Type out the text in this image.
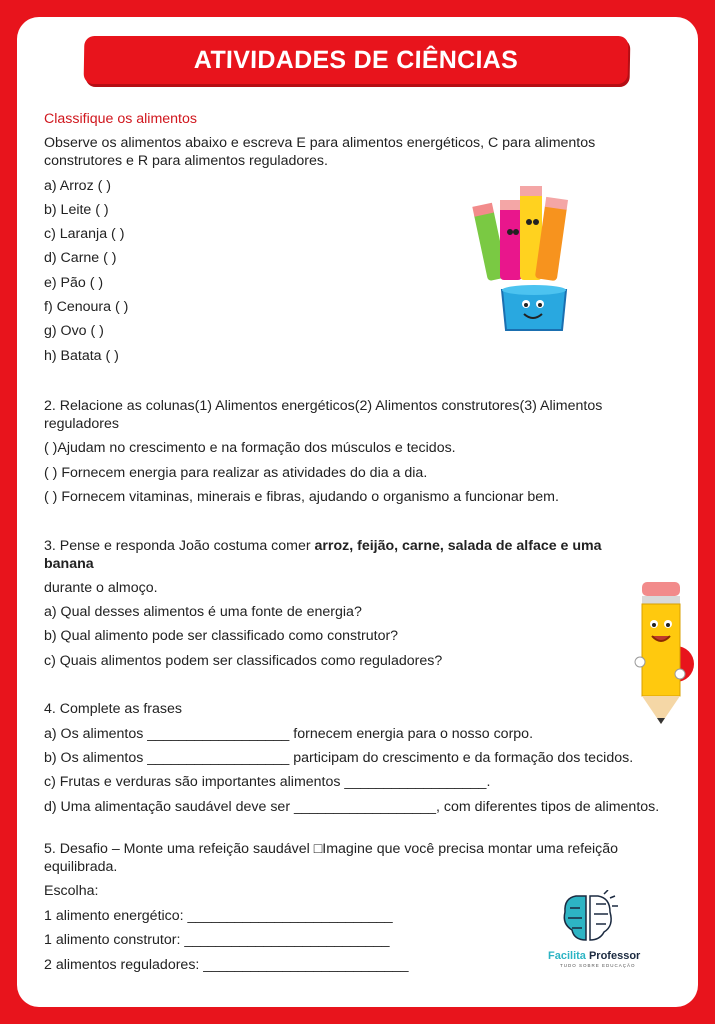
ATIVIDADES DE CIÊNCIAS
Classifique os alimentos
Observe os alimentos abaixo e escreva E para alimentos energéticos, C para alimentos construtores e R para alimentos reguladores.
a) Arroz ( )
b) Leite ( )
c) Laranja ( )
d) Carne ( )
e) Pão ( )
f) Cenoura ( )
g) Ovo ( )
h) Batata ( )
2. Relacione as colunas(1) Alimentos energéticos(2) Alimentos construtores(3) Alimentos reguladores
( )Ajudam no crescimento e na formação dos músculos e tecidos.
( ) Fornecem energia para realizar as atividades do dia a dia.
( ) Fornecem vitaminas, minerais e fibras, ajudando o organismo a funcionar bem.
3. Pense e responda João costuma comer arroz, feijão, carne, salada de alface e uma banana
durante o almoço.
a) Qual desses alimentos é uma fonte de energia?
b) Qual alimento pode ser classificado como construtor?
c) Quais alimentos podem ser classificados como reguladores?
4. Complete as frases
a) Os alimentos __________________ fornecem energia para o nosso corpo.
b) Os alimentos __________________ participam do crescimento e da formação dos tecidos.
c) Frutas e verduras são importantes alimentos __________________.
d) Uma alimentação saudável deve ser __________________, com diferentes tipos de alimentos.
5. Desafio – Monte uma refeição saudável □Imagine que você precisa montar uma refeição equilibrada.
Escolha:
1 alimento energético: __________________________
1 alimento construtor: __________________________
2 alimentos reguladores: __________________________
Facilita Professor
TUDO SOBRE EDUCAÇÃO
